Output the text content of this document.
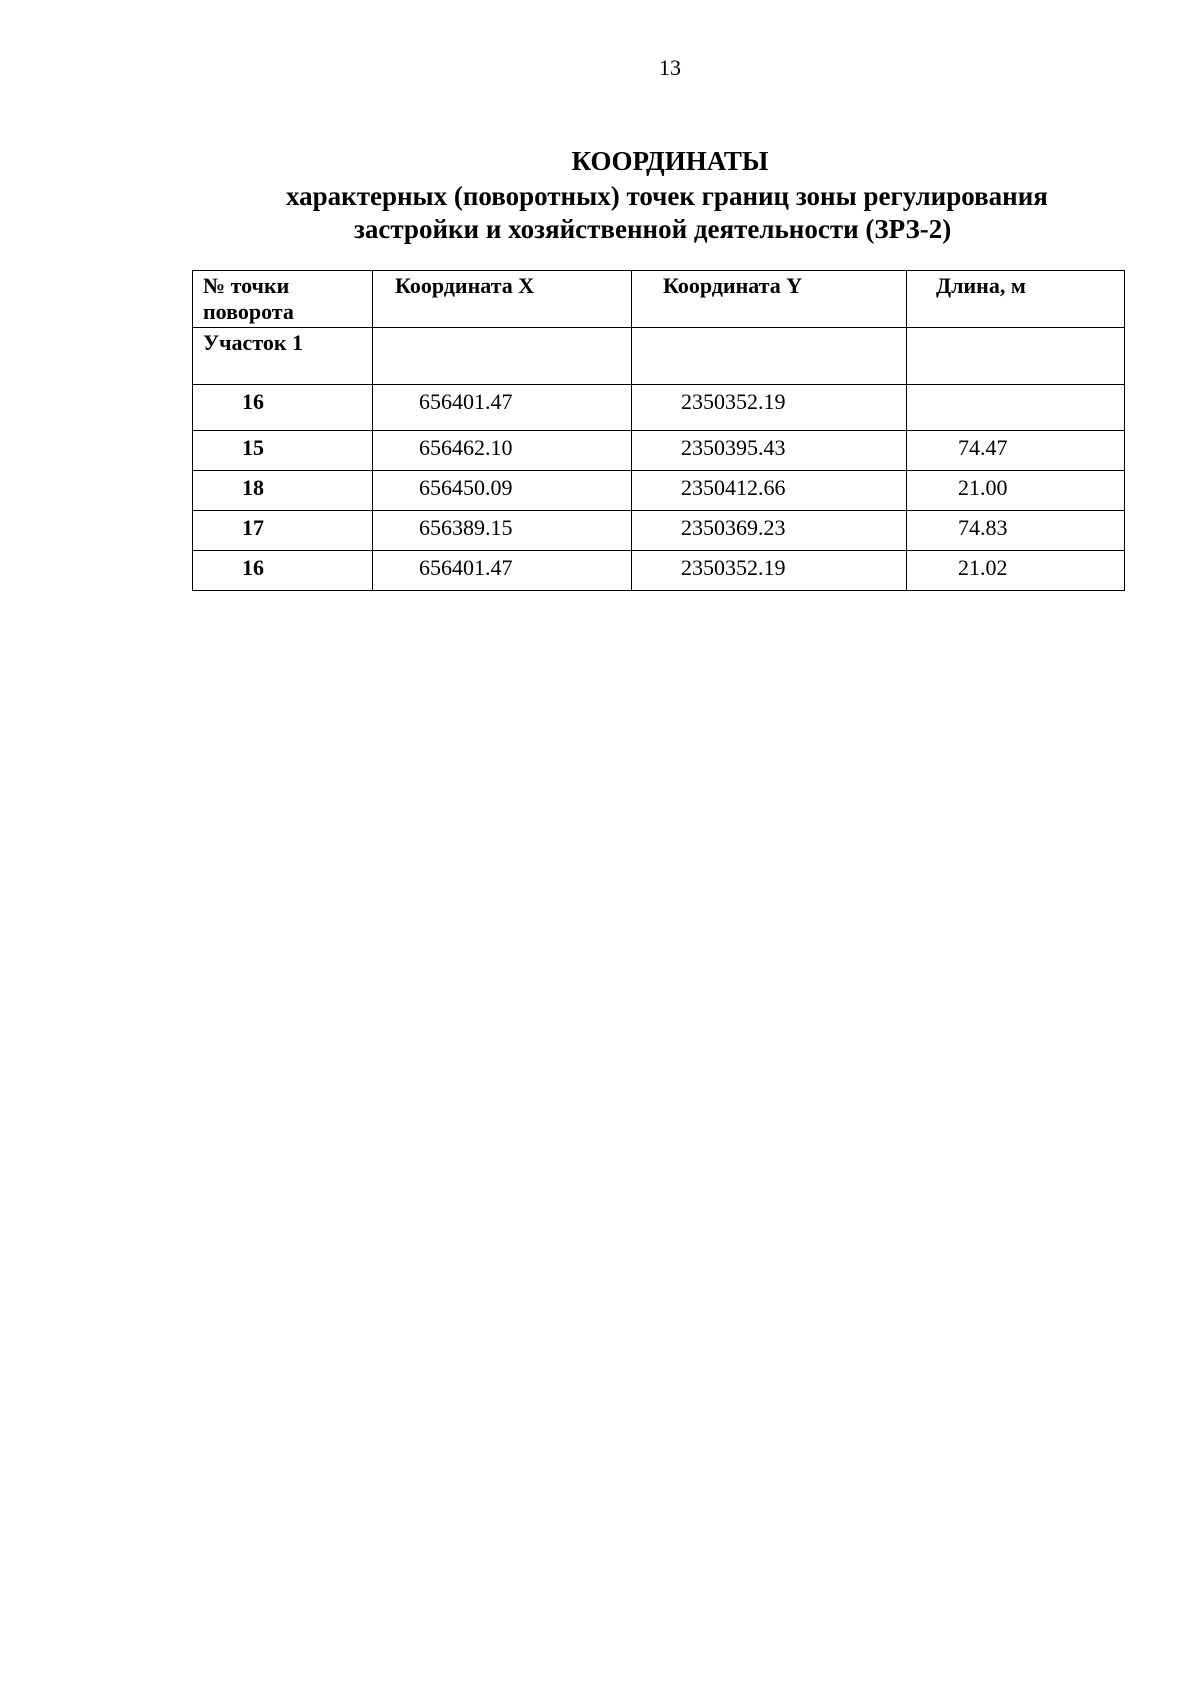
13
КООРДИНАТЫ
характерных (поворотных) точек границ зоны регулирования
застройки и хозяйственной деятельности (ЗРЗ-2)
№ точки
поворота	Координата X	Координата Y	Длина, м

Участок 1			

16	656401.47	2350352.19	

15	656462.10	2350395.43	74.47

18	656450.09	2350412.66	21.00

17	656389.15	2350369.23	74.83

16	656401.47	2350352.19	21.02
